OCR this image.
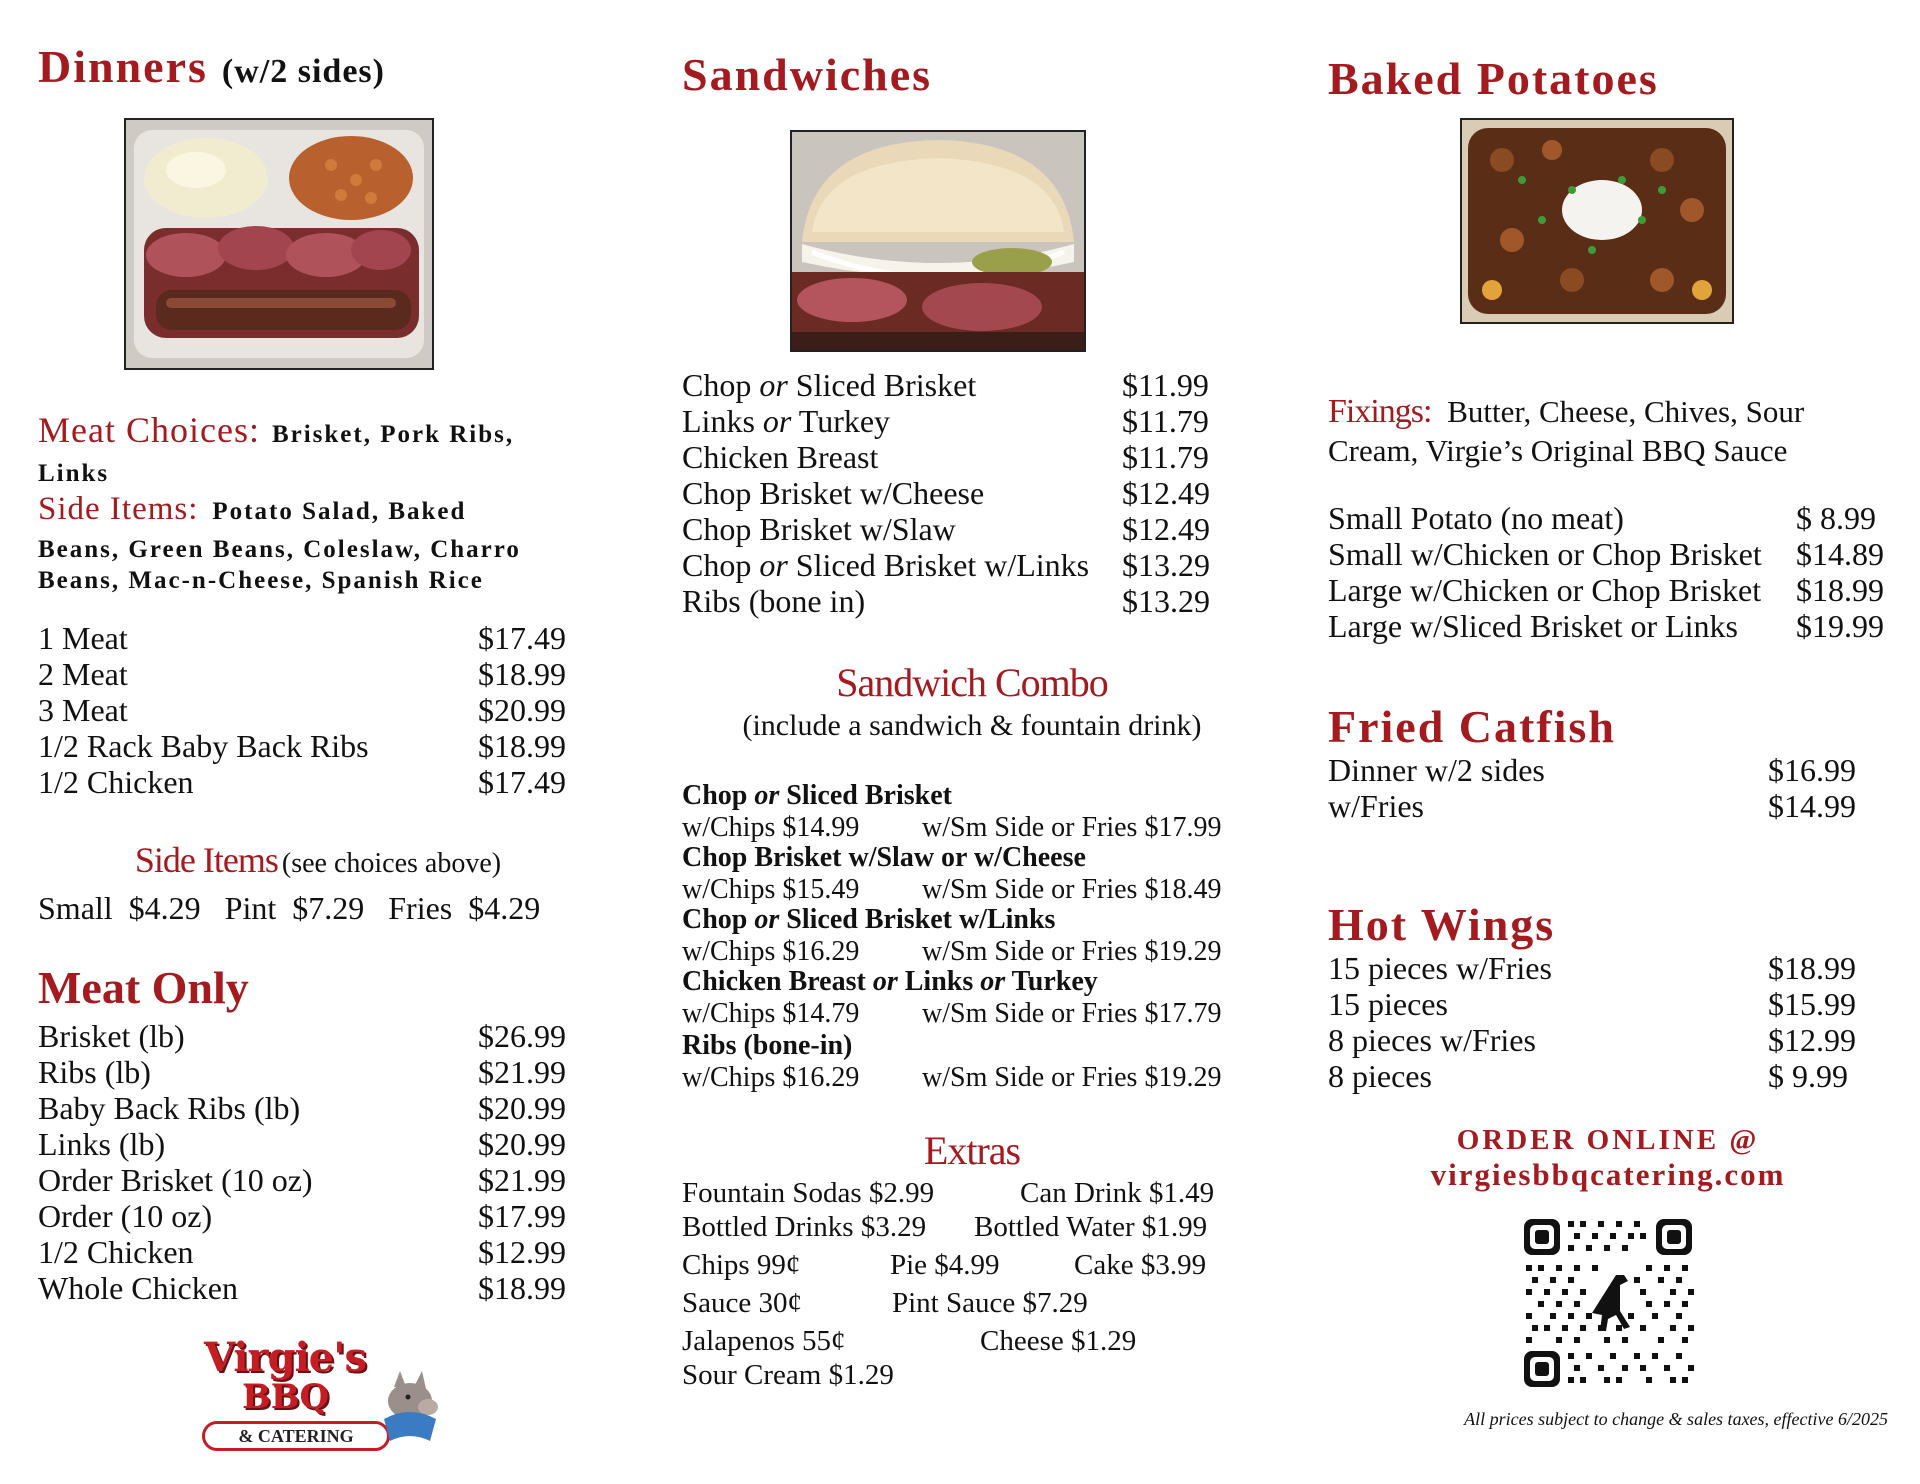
Dinners (w/2 sides)
Meat Choices: Brisket, Pork Ribs,
Links
Side Items: Potato Salad, Baked
Beans, Green Beans, Coleslaw, Charro
Beans, Mac-n-Cheese, Spanish Rice
1 Meat	$17.49
2 Meat	$18.99
3 Meat	$20.99
1/2 Rack Baby Back Ribs	$18.99
1/2 Chicken	$17.49
Side Items (see choices above)
Small $4.29 Pint $7.29 Fries $4.29
Meat Only
Brisket (lb)	$26.99
Ribs (lb)	$21.99
Baby Back Ribs (lb)	$20.99
Links (lb)	$20.99
Order Brisket (10 oz)	$21.99
Order (10 oz)	$17.99
1/2 Chicken	$12.99
Whole Chicken	$18.99
Virgie's
BBQ
& CATERING
Sandwiches
Chop or Sliced Brisket	$11.99
Links or Turkey	$11.79
Chicken Breast	$11.79
Chop Brisket w/Cheese	$12.49
Chop Brisket w/Slaw	$12.49
Chop or Sliced Brisket w/Links $13.29
Ribs (bone in)	$13.29
Sandwich Combo
(include a sandwich & fountain drink)
Chop or Sliced Brisket
w/Chips $14.99 w/Sm Side or Fries $17.99
Chop Brisket w/Slaw or w/Cheese
w/Chips $15.49 w/Sm Side or Fries $18.49
Chop or Sliced Brisket w/Links
w/Chips $16.29 w/Sm Side or Fries $19.29
Chicken Breast or Links or Turkey
w/Chips $14.79 w/Sm Side or Fries $17.79
Ribs (bone-in)
w/Chips $16.29 w/Sm Side or Fries $19.29
Extras
Fountain Sodas $2.99	Can Drink $1.49
Bottled Drinks $3.29 Bottled Water $1.99
Chips 99¢	Pie $4.99	Cake $3.99
Sauce 30¢	Pint Sauce $7.29
Jalapenos 55¢	Cheese $1.29
Sour Cream $1.29
Baked Potatoes
Fixings: Butter, Cheese, Chives, Sour
Cream, Virgie’s Original BBQ Sauce
Small Potato (no meat)	$ 8.99
Small w/Chicken or Chop Brisket $14.89
Large w/Chicken or Chop Brisket $18.99
Large w/Sliced Brisket or Links $19.99
Fried Catfish
Dinner w/2 sides	$16.99
w/Fries	$14.99
Hot Wings
15 pieces w/Fries	$18.99
15 pieces	$15.99
8 pieces w/Fries	$12.99
8 pieces	$ 9.99
ORDER ONLINE @
virgiesbbqcatering.com
All prices subject to change & sales taxes, effective 6/2025
